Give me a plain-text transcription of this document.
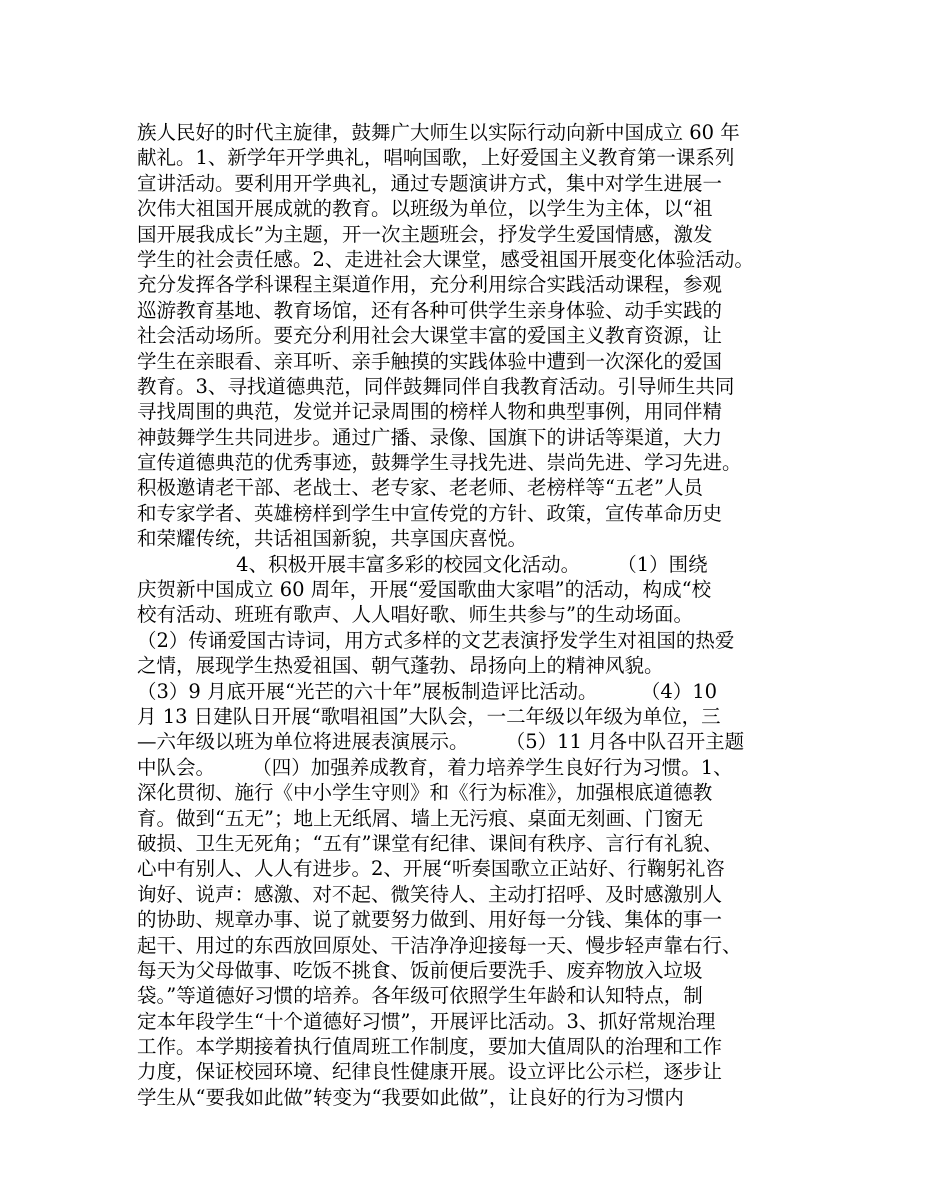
族人民好的时代主旋律，鼓舞广大师生以实际行动向新中国成立 60 年
献礼。1、新学年开学典礼，唱响国歌，上好爱国主义教育第一课系列
宣讲活动。要利用开学典礼，通过专题演讲方式，集中对学生进展一
次伟大祖国开展成就的教育。以班级为单位，以学生为主体，以“祖
国开展我成长”为主题，开一次主题班会，抒发学生爱国情感，激发
学生的社会责任感。2、走进社会大课堂，感受祖国开展变化体验活动。
充分发挥各学科课程主渠道作用，充分利用综合实践活动课程，参观
巡游教育基地、教育场馆，还有各种可供学生亲身体验、动手实践的
社会活动场所。要充分利用社会大课堂丰富的爱国主义教育资源，让
学生在亲眼看、亲耳听、亲手触摸的实践体验中遭到一次深化的爱国
教育。3、寻找道德典范，同伴鼓舞同伴自我教育活动。引导师生共同
寻找周围的典范，发觉并记录周围的榜样人物和典型事例，用同伴精
神鼓舞学生共同进步。通过广播、录像、国旗下的讲话等渠道，大力
宣传道德典范的优秀事迹，鼓舞学生寻找先进、崇尚先进、学习先进。
积极邀请老干部、老战士、老专家、老老师、老榜样等“五老”人员
和专家学者、英雄榜样到学生中宣传党的方针、政策，宣传革命历史
和荣耀传统，共话祖国新貌，共享国庆喜悦。
4、积极开展丰富多彩的校园文化活动。      （1）围绕
庆贺新中国成立 60 周年，开展“爱国歌曲大家唱”的活动，构成“校
校有活动、班班有歌声、人人唱好歌、师生共参与”的生动场面。
（2）传诵爱国古诗词，用方式多样的文艺表演抒发学生对祖国的热爱
之情，展现学生热爱祖国、朝气蓬勃、昂扬向上的精神风貌。
（3）9 月底开展“光芒的六十年”展板制造评比活动。       （4）10
月 13 日建队日开展“歌唱祖国”大队会，一二年级以年级为单位，三
—六年级以班为单位将进展表演展示。      （5）11 月各中队召开主题
中队会。      （四）加强养成教育，着力培养学生良好行为习惯。1、
深化贯彻、施行《中小学生守则》和《行为标准》，加强根底道德教
育。做到“五无”；地上无纸屑、墙上无污痕、桌面无刻画、门窗无
破损、卫生无死角；“五有”课堂有纪律、课间有秩序、言行有礼貌、
心中有别人、人人有进步。2、开展“听奏国歌立正站好、行鞠躬礼咨
询好、说声：感激、对不起、微笑待人、主动打招呼、及时感激别人
的协助、规章办事、说了就要努力做到、用好每一分钱、集体的事一
起干、用过的东西放回原处、干洁净净迎接每一天、慢步轻声靠右行、
每天为父母做事、吃饭不挑食、饭前便后要洗手、废弃物放入垃圾
袋。”等道德好习惯的培养。各年级可依照学生年龄和认知特点，制
定本年段学生“十个道德好习惯”，开展评比活动。3、抓好常规治理
工作。本学期接着执行值周班工作制度，要加大值周队的治理和工作
力度，保证校园环境、纪律良性健康开展。设立评比公示栏，逐步让
学生从“要我如此做”转变为“我要如此做”，让良好的行为习惯内
